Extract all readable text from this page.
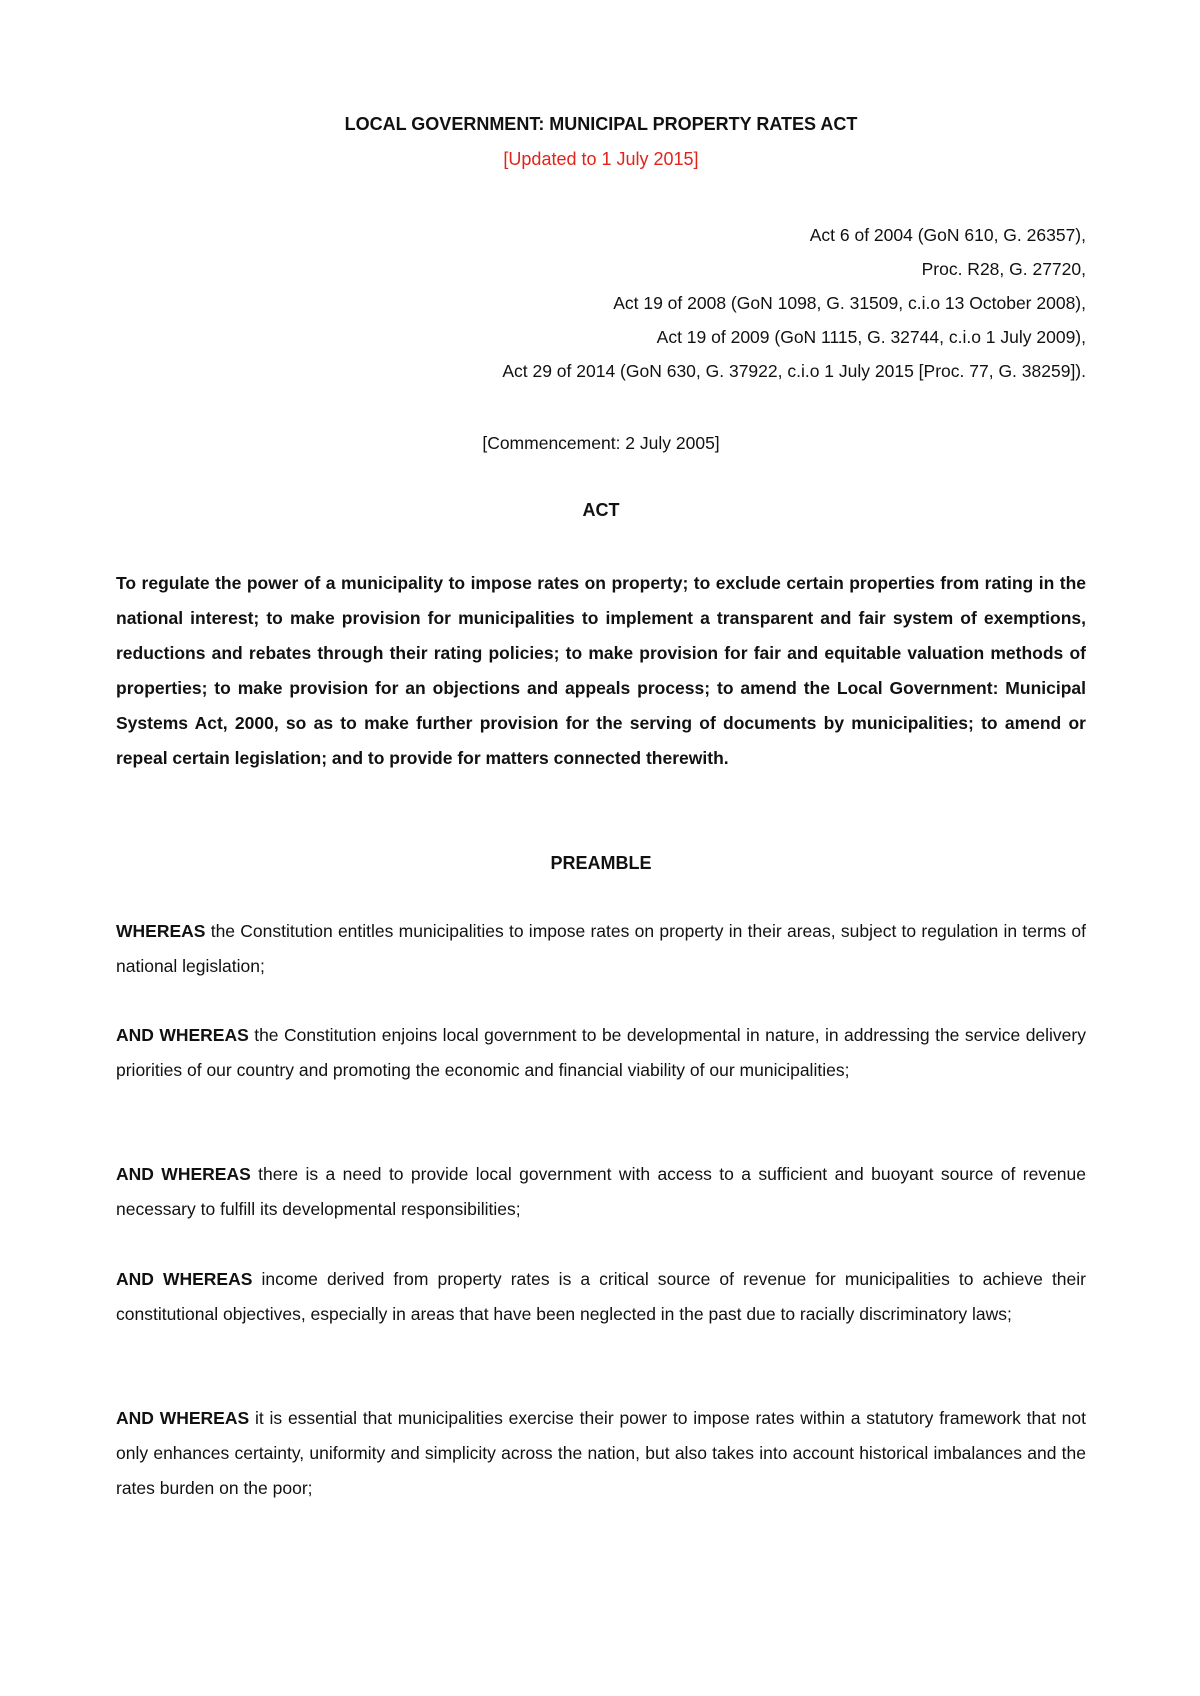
LOCAL GOVERNMENT: MUNICIPAL PROPERTY RATES ACT
[Updated to 1 July 2015]
Act 6 of 2004 (GoN 610, G. 26357),
Proc. R28, G. 27720,
Act 19 of 2008 (GoN 1098, G. 31509, c.i.o 13 October 2008),
Act 19 of 2009 (GoN 1115, G. 32744, c.i.o 1 July 2009),
Act 29 of 2014 (GoN 630, G. 37922, c.i.o 1 July 2015 [Proc. 77, G. 38259]).
[Commencement: 2 July 2005]
ACT
To regulate the power of a municipality to impose rates on property; to exclude certain properties from rating in the national interest; to make provision for municipalities to implement a transparent and fair system of exemptions, reductions and rebates through their rating policies; to make provision for fair and equitable valuation methods of properties; to make provision for an objections and appeals process; to amend the Local Government: Municipal Systems Act, 2000, so as to make further provision for the serving of documents by municipalities; to amend or repeal certain legislation; and to provide for matters connected therewith.
PREAMBLE
WHEREAS the Constitution entitles municipalities to impose rates on property in their areas, subject to regulation in terms of national legislation;
AND WHEREAS the Constitution enjoins local government to be developmental in nature, in addressing the service delivery priorities of our country and promoting the economic and financial viability of our municipalities;
AND WHEREAS there is a need to provide local government with access to a sufficient and buoyant source of revenue necessary to fulfill its developmental responsibilities;
AND WHEREAS income derived from property rates is a critical source of revenue for municipalities to achieve their constitutional objectives, especially in areas that have been neglected in the past due to racially discriminatory laws;
AND WHEREAS it is essential that municipalities exercise their power to impose rates within a statutory framework that not only enhances certainty, uniformity and simplicity across the nation, but also takes into account historical imbalances and the rates burden on the poor;
